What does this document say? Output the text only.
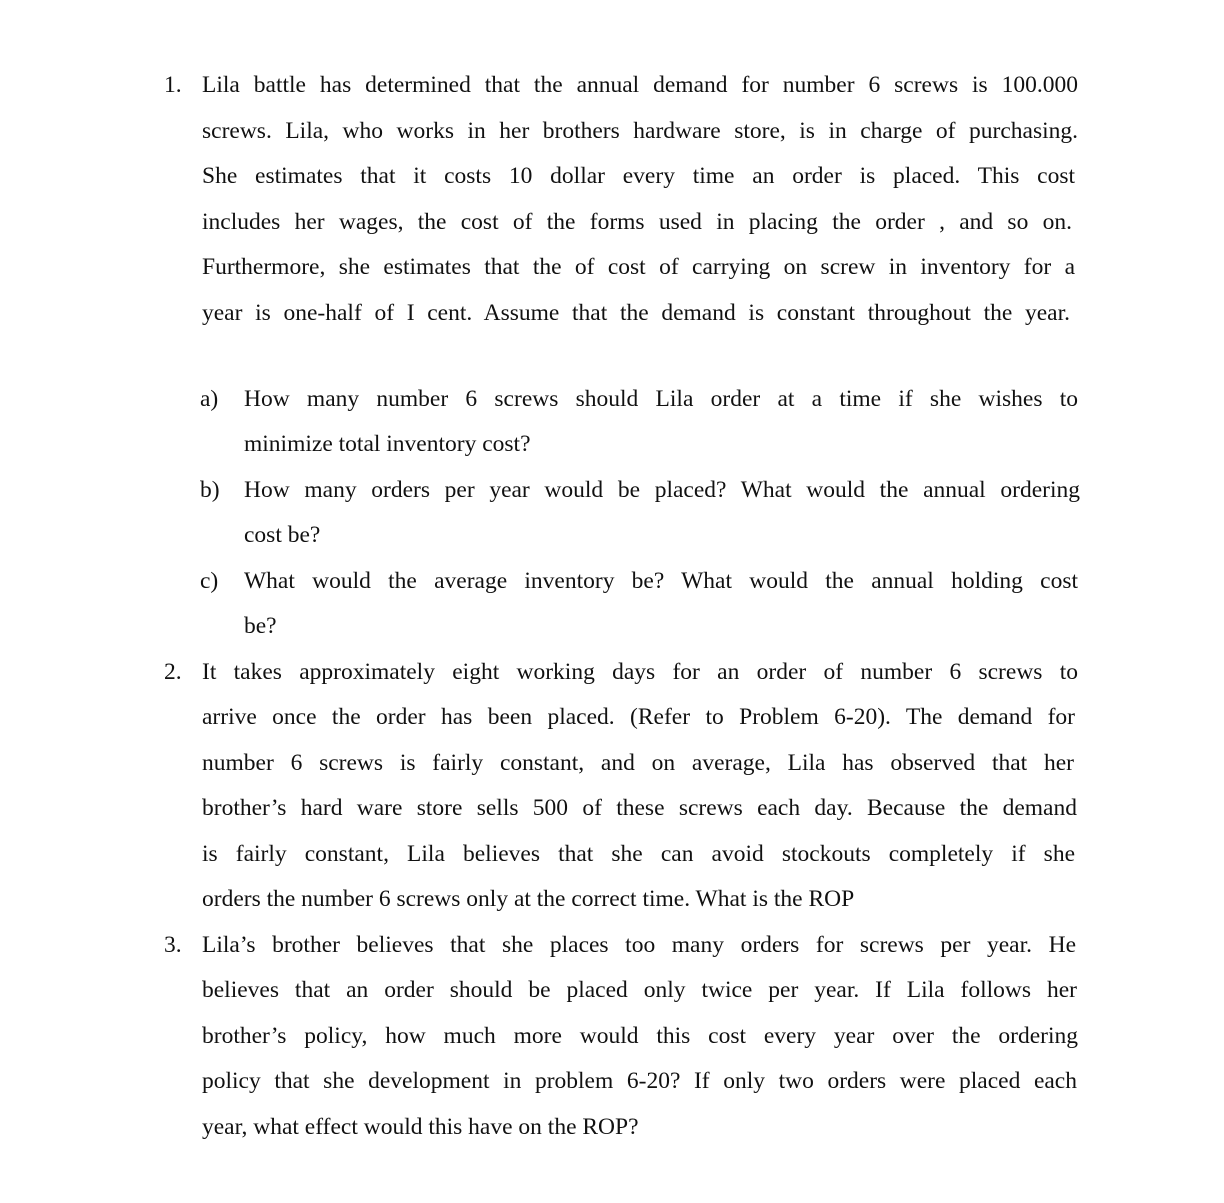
1. Lila battle has determined that the annual demand for number 6 screws is 100.000
screws. Lila, who works in her brothers hardware store, is in charge of purchasing.
She estimates that it costs 10 dollar every time an order is placed. This cost
includes her wages, the cost of the forms used in placing the order , and so on.
Furthermore, she estimates that the of cost of carrying on screw in inventory for a
year is one-half of I cent. Assume that the demand is constant throughout the year.
a) How many number 6 screws should Lila order at a time if she wishes to
minimize total inventory cost?
b) How many orders per year would be placed? What would the annual ordering
cost be?
c) What would the average inventory be? What would the annual holding cost
be?
2. It takes approximately eight working days for an order of number 6 screws to
arrive once the order has been placed. (Refer to Problem 6-20). The demand for
number 6 screws is fairly constant, and on average, Lila has observed that her
brother’s hard ware store sells 500 of these screws each day. Because the demand
is fairly constant, Lila believes that she can avoid stockouts completely if she
orders the number 6 screws only at the correct time. What is the ROP
3. Lila’s brother believes that she places too many orders for screws per year. He
believes that an order should be placed only twice per year. If Lila follows her
brother’s policy, how much more would this cost every year over the ordering
policy that she development in problem 6-20? If only two orders were placed each
year, what effect would this have on the ROP?
